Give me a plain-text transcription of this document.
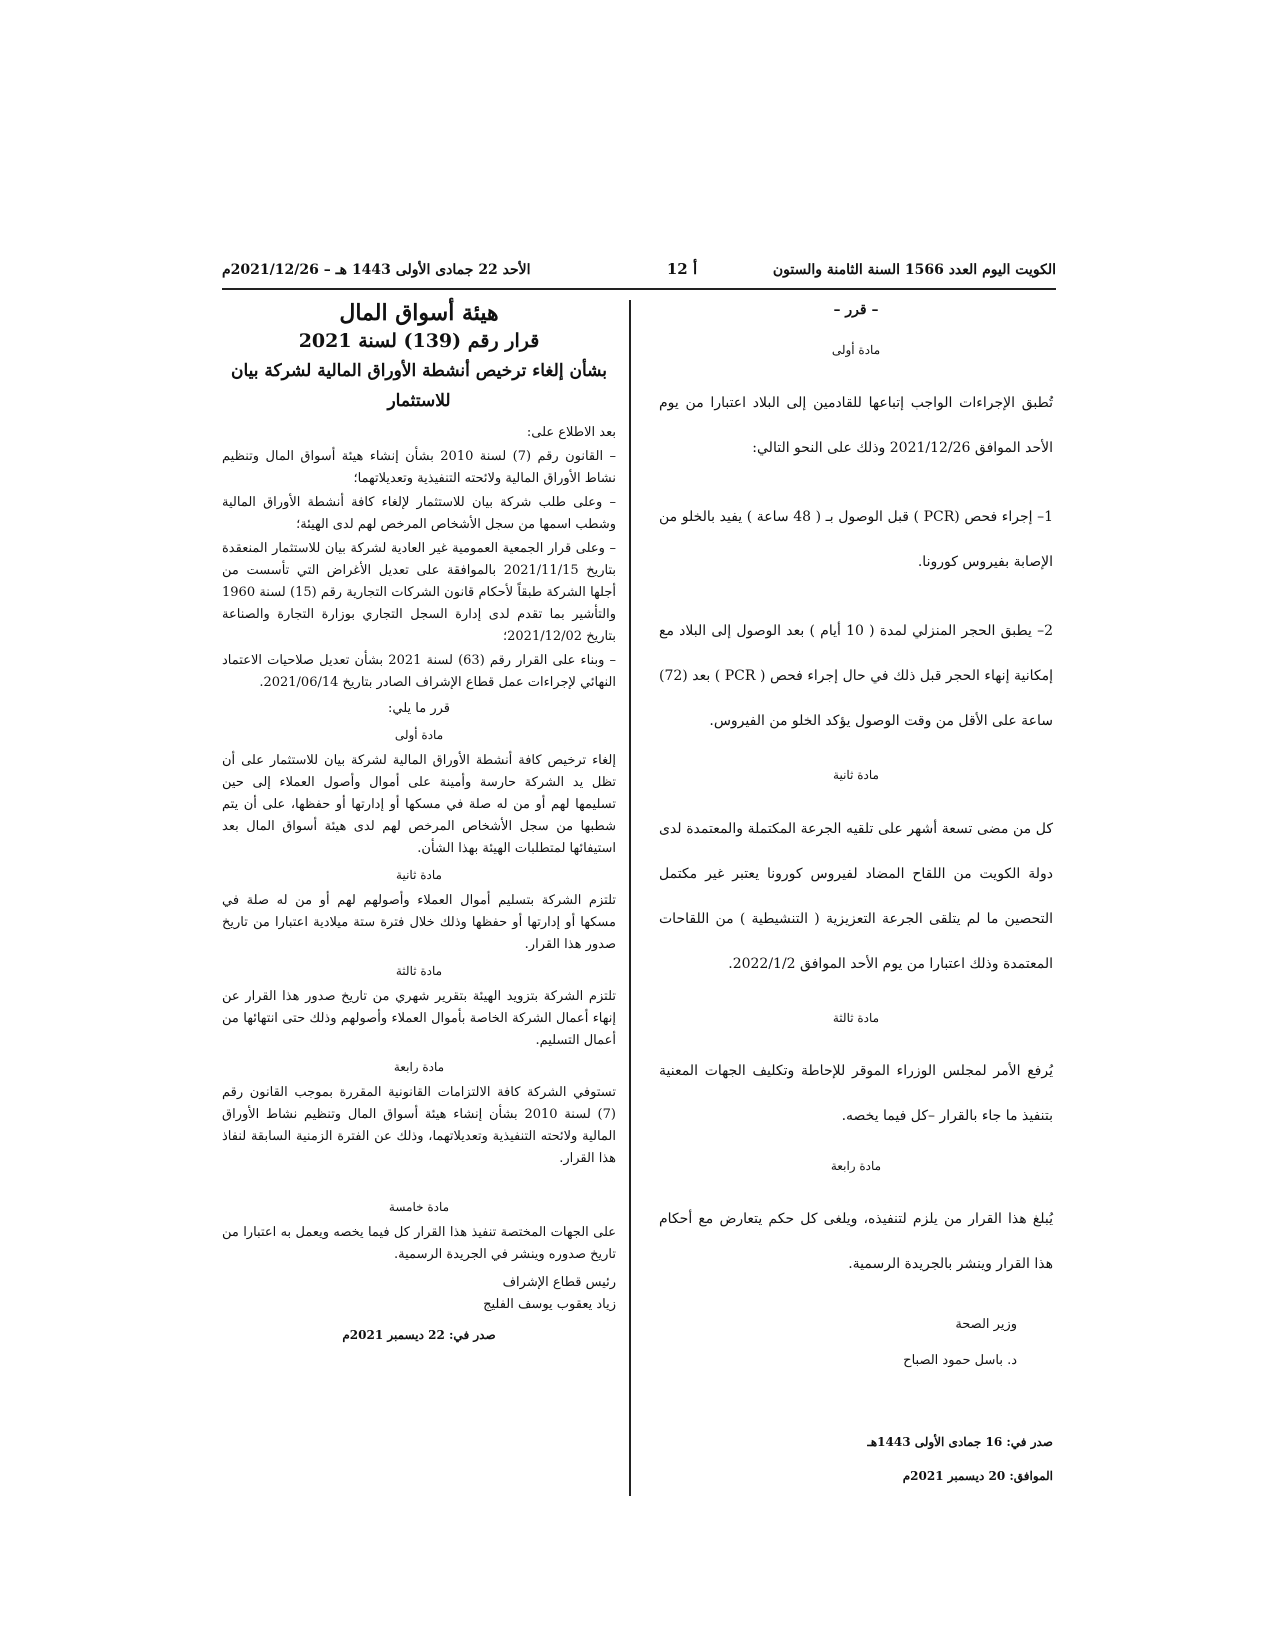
الكويت اليوم العدد 1566 السنة الثامنة والستون
أ 12
الأحد 22 جمادى الأولى 1443 هـ – 2021/12/26م
– قرر –
مادة أولى

تُطبق الإجراءات الواجب إتباعها للقادمين إلى البلاد اعتبارا من يوم الأحد الموافق 2021/12/26 وذلك على النحو التالي:

1– إجراء فحص (PCR ) قبل الوصول بـ ( 48 ساعة ) يفيد بالخلو من الإصابة بفيروس كورونا.

2– يطبق الحجر المنزلي لمدة ( 10 أيام ) بعد الوصول إلى البلاد مع إمكانية إنهاء الحجر قبل ذلك في حال إجراء فحص ( PCR ) بعد (72) ساعة على الأقل من وقت الوصول يؤكد الخلو من الفيروس.

مادة ثانية

كل من مضى تسعة أشهر على تلقيه الجرعة المكتملة والمعتمدة لدى دولة الكويت من اللقاح المضاد لفيروس كورونا يعتبر غير مكتمل التحصين ما لم يتلقى الجرعة التعزيزية ( التنشيطية ) من اللقاحات المعتمدة وذلك اعتبارا من يوم الأحد الموافق 2022/1/2.

مادة ثالثة

يُرفع الأمر لمجلس الوزراء الموقر للإحاطة وتكليف الجهات المعنية بتنفيذ ما جاء بالقرار –كل فيما يخصه.

مادة رابعة

يُبلغ هذا القرار من يلزم لتنفيذه، ويلغى كل حكم يتعارض مع أحكام هذا القرار وينشر بالجريدة الرسمية.

وزير الصحة
د. باسل حمود الصباح
صدر في: 16 جمادى الأولى 1443هـ
الموافق: 20 ديسمبر 2021م
هيئة أسواق المال
قرار رقم (139) لسنة 2021
بشأن إلغاء ترخيص أنشطة الأوراق المالية لشركة بيان للاستثمار

بعد الاطلاع على:

– القانون رقم (7) لسنة 2010 بشأن إنشاء هيئة أسواق المال وتنظيم نشاط الأوراق المالية ولائحته التنفيذية وتعديلاتهما؛

– وعلى طلب شركة بيان للاستثمار لإلغاء كافة أنشطة الأوراق المالية وشطب اسمها من سجل الأشخاص المرخص لهم لدى الهيئة؛

– وعلى قرار الجمعية العمومية غير العادية لشركة بيان للاستثمار المنعقدة بتاريخ 2021/11/15 بالموافقة على تعديل الأغراض التي تأسست من أجلها الشركة طبقاً لأحكام قانون الشركات التجارية رقم (15) لسنة 1960 والتأشير بما تقدم لدى إدارة السجل التجاري بوزارة التجارة والصناعة بتاريخ 2021/12/02؛

– وبناء على القرار رقم (63) لسنة 2021 بشأن تعديل صلاحيات الاعتماد النهائي لإجراءات عمل قطاع الإشراف الصادر بتاريخ 2021/06/14.

قرر ما يلي:
مادة أولى

إلغاء ترخيص كافة أنشطة الأوراق المالية لشركة بيان للاستثمار على أن تظل يد الشركة حارسة وأمينة على أموال وأصول العملاء إلى حين تسليمها لهم أو من له صلة في مسكها أو إدارتها أو حفظها، على أن يتم شطبها من سجل الأشخاص المرخص لهم لدى هيئة أسواق المال بعد استيفائها لمتطلبات الهيئة بهذا الشأن.

مادة ثانية

تلتزم الشركة بتسليم أموال العملاء وأصولهم لهم أو من له صلة في مسكها أو إدارتها أو حفظها وذلك خلال فترة ستة ميلادية اعتبارا من تاريخ صدور هذا القرار.

مادة ثالثة

تلتزم الشركة بتزويد الهيئة بتقرير شهري من تاريخ صدور هذا القرار عن إنهاء أعمال الشركة الخاصة بأموال العملاء وأصولهم وذلك حتى انتهائها من أعمال التسليم.

مادة رابعة

تستوفي الشركة كافة الالتزامات القانونية المقررة بموجب القانون رقم (7) لسنة 2010 بشأن إنشاء هيئة أسواق المال وتنظيم نشاط الأوراق المالية ولائحته التنفيذية وتعديلاتهما، وذلك عن الفترة الزمنية السابقة لنفاذ هذا القرار.

مادة خامسة

على الجهات المختصة تنفيذ هذا القرار كل فيما يخصه ويعمل به اعتبارا من تاريخ صدوره وينشر في الجريدة الرسمية.

رئيس قطاع الإشراف
زياد يعقوب يوسف الفليج
صدر في: 22 ديسمبر 2021م
